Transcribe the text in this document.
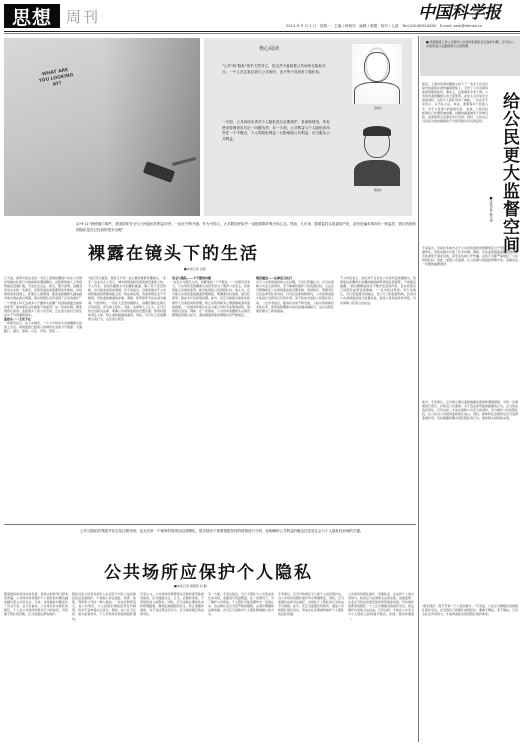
思想 周刊	中国科学报
2013 年 9 月 2 日　星期一　主编 / 韩规劝　编辑 / 姜靓　校对 / 么凯　Tel:(010)82614630　E-mail: sxzk@stimes.cn
WHAT ARE YOU LOOKING AT?
核心阅读
"公共"和"隐私"似乎天然对立，但这并不意味着公共场所无隐私可言。一个人在注重自我与公共场所，也不等于其放弃了隐私权。
一方面，公共场所应该对个人隐私进行必要保护，其诸般使用，所有使用管理者应对正一问题负责；另一方面，公共利益与个人隐私的冲突在一个平衡点，个人的隐私利益一旦影响到公共利益，应当服从公共利益。
廖晓东
魏国栋
从"9·11"到棱镜门事件，美国国家安全与公民隐私的利益冲突，一直在不断升级。作为中国人，大多数国民似乎一直抱着隔岸观火的心态。然而，几年来，随着监控头侵袭国产化，甚至是遍布城市的一般监控，我们所拥有的隐私是否已经真的很安全呢？
裸露在镜头下的生活
■本报记者 洪蔚
几天前，深圳市某企业的一名员工因被拍摄到与车在公司停车场做出轻率行为的视频而遭到曝光。这段视频被人上传到网络后迅速扩散，引发社会关注。此后，警方查明，拍摄者是该企业的一名保安，其利用监控室的便利条件偷拍，并将视频发布到网上。此事让人联想到，随着监控摄像头越来越多地出现在我们周围，我们的隐私是否受到了应有的保护？一个普通人每天会被多少个摄像头拍摄？拍到的画面会被如何使用？谁来保证这些画面不被滥用？这一连串问题，都值得我们深思。监控镜头下的公共空间，正在成为我们日常生活中不可回避的现实。
监控头一一无处不在
一些研究显示，在大中城市，一个人平均每天会被摄像头拍到上百次。视频监控已经深入到城市生活的方方面面：交通路口、银行、商场、小区、学校、医院……
"我们可以看到，现在几乎每一条主要街道都有摄像头。"北京一位业内人士表示，城市视频监控系统的建设速度之快，令人咋舌。而这些摄像头所拍摄的画面，除了用于治安防控，也可能流向其他渠道。有专家指出，目前我国对于公共视频监控的管理尚缺乏统一的法律法规，各地的规定也不尽相同，导致监控画面的存储、调阅、使用等环节存在诸多漏洞。与此同时，一些私人安装的摄像头，拍摄范围往往超出自家院落，涉及他人隐私。对此，法律界人士认为，应当尽快出台相关法律，明确公共视频监控的设置范围、使用权限和责任主体，防止监控画面被滥用。同时，对于私人安装摄像头的行为，也应加以规范。
安全与隐私——个平衡的问题
"在安全与隐私之间，需要找到一个平衡点。"一位研究者表示，公共场所安装摄像头的初衷是为了维护公共安全，但如果缺乏有效的监管，就可能侵犯公民的隐私权。他认为，应当建立完善的监控画面管理制度，明确谁有权查看、谁有权使用、保存多长时间等问题。此外，还应当加强对监控系统操作人员的培训和管理，防止其利用职务之便泄露或滥用监控画面。一些国家和地区在这方面已有较为成熟的经验，值得我们借鉴。例如，在一些国家，公共场所的摄像头必须设置明显的提示标志，监控画面的保存期限也有严格规定。
规范建设——法律应当先行
对于公共视频监控的立法问题，专家们普遍认为，应当在保障公共安全的同时，充分尊重和保护公民的隐私权。立法应当明确规定公共视频监控的设置原则、审批程序、管理责任以及法律责任等内容。只有在法律的框架内，公共视频监控才能真正发挥其应有的作用，而不致成为侵犯公民隐私的工具。一位学者指出，随着技术的不断发展，人脸识别等新技术的应用，使得监控摄像头的功能越来越强大，这也对隐私保护提出了新的挑战。
不少市民表示，他们并不反对在公共场所安装摄像头，但希望这些摄像头拍摄的画面能够得到妥善保管，不被随意泄露。"我们理解监控对于维护治安的作用，但也希望自己的隐私能够受到尊重。"一位市民这样说。有专家建议，可以借鉴国外的做法，设立专门的监督机构，负责对公共视频监控进行监督检查，接受公民的投诉和举报，切实保障公民的合法权益。
■ 我国国家工作人员更多公共场所的隐私安全保护问题，应当对公共场所进行全面规划与自觉管理。
给公民更大监督空间
■本报记者 韩天琪
最近，上海市某商场摄像头拍下了一名女子在试衣间内的视频并被传播到网络上，引发了公众对商场监控管理的担忧。事实上，这类事件并非个例。公共场所监控摄像头的大量使用，在给人们带来安全感的同时，也给个人隐私带来了威胁。一位法学专家表示，应当从立法、执法、监督等多个层面入手，给予公民更大的监督空间。 他说，公民有权知道自己在哪里被拍摄、拍摄的画面被用于何种目的、由谁保管以及保存多长时间。同时，公民也应当有权对监控画面的不当使用提出异议和投诉。
专家指出，目前许多地方对于公共场所监控的管理规定过于笼统，缺乏可操作性，导致实践中出现了许多问题。例如，有些监控画面被随意调阅，有些被用于商业目的，甚至有些被公开传播。这些行为都严重侵犯了公民的隐私权。因此，加强公众监督，让公民参与到监控管理中来，是解决这一问题的重要途径。
此外，专家建议，应当建立健全监控画面的查询和调阅制度，对每一次调阅进行登记，并接受公众监督。对于违法使用监控画面的行为，应当依法追究责任。只有这样，才能在保障公共安全的同时，充分保护公民的隐私权，让公民对公共视频监控真正放心。同时，媒体和社会组织也应当发挥监督作用，及时揭露和曝光侵犯隐私的行为，推动相关制度的完善。
"隐私保护，离不开每一个公民的参与。"专家说，公民应当增强自身的隐私保护意识，在发现自己的隐私被侵犯时，要敢于维权，善于维权。只有全社会共同努力，才能构建起完善的隐私保护体系。
公共与隐私的界限并非总是泾渭分明，也无法用一个简单的规则加以清晰化，很多情况下需要根据具体的情境进行分析，而明晰的公共利益的概念往往是社会与个人隐私权协调的关键。
公共场所应保护个人隐私
■本报记者 胡珉琦 何 静
随着数码信息技术的发展，监控头的使用已经非常普遍，公共场所如何保护个人隐私的问题也越来越引起人们的关注。日前，本报就此问题采访了有关专家。在专家看来，公共场所并非隐私的禁区，个人在公共场所的某些行为和信息，仍然属于隐私的范畴，应当受到法律的保护。
隐私权是公民享有的私人生活安宁与私人信息秘密依法受到保护，不被他人非法侵扰、知悉、收集、利用和公开的一种人格权。一位法学教授表示，在公共场所，个人的隐私期待虽然有所降低，但并不意味着完全丧失。例如，在公共卫生间、更衣室等场所，个人仍然享有较高的隐私期待。
专家认为，公共场所的管理者在安装和使用监控设备时，应当遵循合法、正当、必要的原则，不得侵犯他人的隐私。同时，应当采取必要的技术和管理措施，确保监控画面的安全，防止泄露和滥用。对于违反规定的行为，应当承担相应的法律责任。
另一方面，专家也指出，当个人隐私与公共利益发生冲突时，需要进行利益衡量。在一些情况下，为了维护公共利益，个人隐私可能需要作出一定的让步。但这种让步应当有严格的限制，必须有明确的法律依据，并且应当采取对个人隐私影响最小的方式。
专家建议，应当尽快制定专门的个人信息保护法，对公共场所的隐私保护作出明确规定。同时，应当加强执法和司法保护，对侵犯个人隐私的行为依法予以制裁。此外，还应当加强宣传教育，提高公众的隐私保护意识，形成全社会尊重和保护个人隐私的良好氛围。
公共场所的隐私保护，需要政府、企业和个人的共同努力。政府应当完善相关法律法规，加强监管；企业应当依法依规安装和使用监控设备，切实保护消费者的隐私；个人应当增强自我保护意识，依法维护自身的合法权益。只有这样，才能在公共安全与个人隐私之间找到平衡点，实现二者的和谐统一。
